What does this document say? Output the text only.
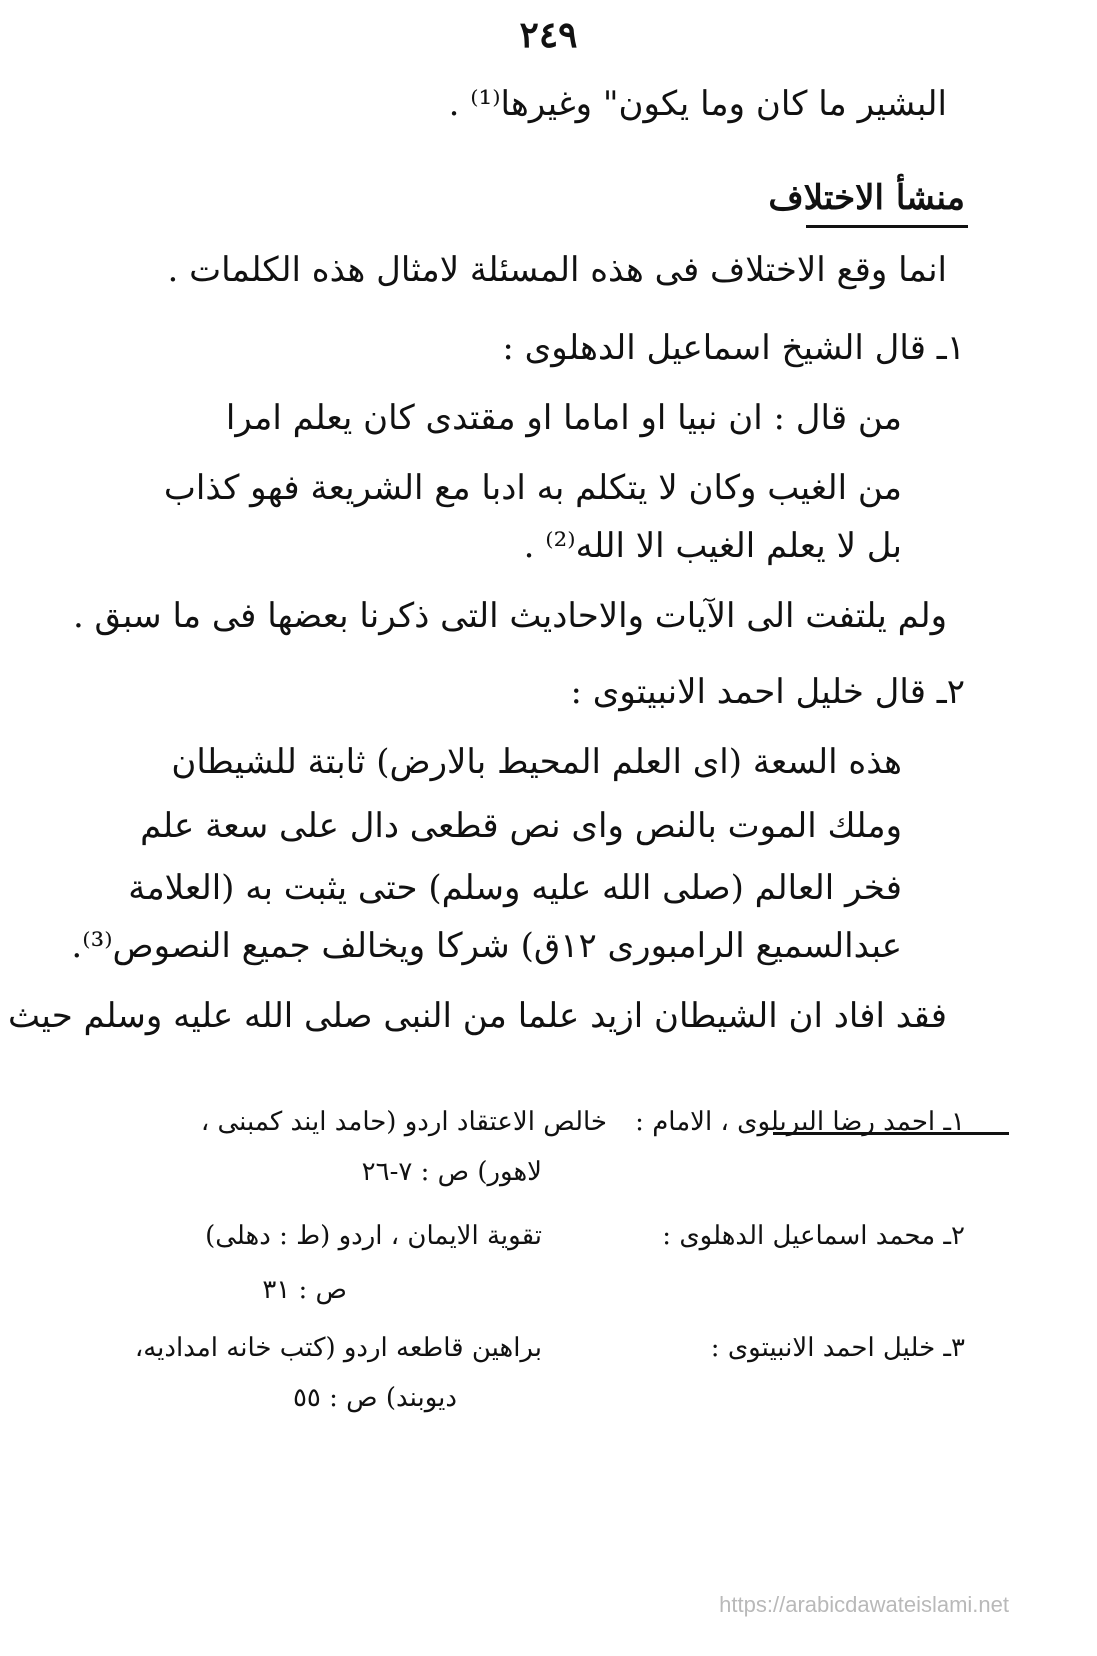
٢٤٩
البشير ما كان وما يكون" وغيرها⁽¹⁾ .
منشأ الاختلاف
انما وقع الاختلاف فى هذه المسئلة لامثال هذه الكلمات .
١ـ قال الشيخ اسماعيل الدهلوى :
من قال : ان نبيا او اماما او مقتدى كان يعلم امرا
من الغيب وكان لا يتكلم به ادبا مع الشريعة فهو كذاب
بل لا يعلم الغيب الا الله⁽²⁾ .
ولم يلتفت الى الآيات والاحاديث التى ذكرنا بعضها فى ما سبق .
٢ـ قال خليل احمد الانبيتوى :
هذه السعة (اى العلم المحيط بالارض) ثابتة للشيطان
وملك الموت بالنص واى نص قطعى دال على سعة علم
فخر العالم (صلى الله عليه وسلم) حتى يثبت به (العلامة
عبدالسميع الرامبورى ١٢ق) شركا ويخالف جميع النصوص⁽³⁾.
فقد افاد ان الشيطان ازيد علما من النبى صلى الله عليه وسلم حيث
١ـ احمد رضا البريلوى ، الامام :
خالص الاعتقاد اردو (حامد ايند كمبنى ،
لاهور) ص : ٧-٢٦
٢ـ محمد اسماعيل الدهلوى :
تقوية الايمان ، اردو (ط : دهلى)
ص : ٣١
٣ـ خليل احمد الانبيتوى :
براهين قاطعه اردو (كتب خانه امداديه،
ديوبند) ص : ٥٥
https://arabicdawateislami.net
